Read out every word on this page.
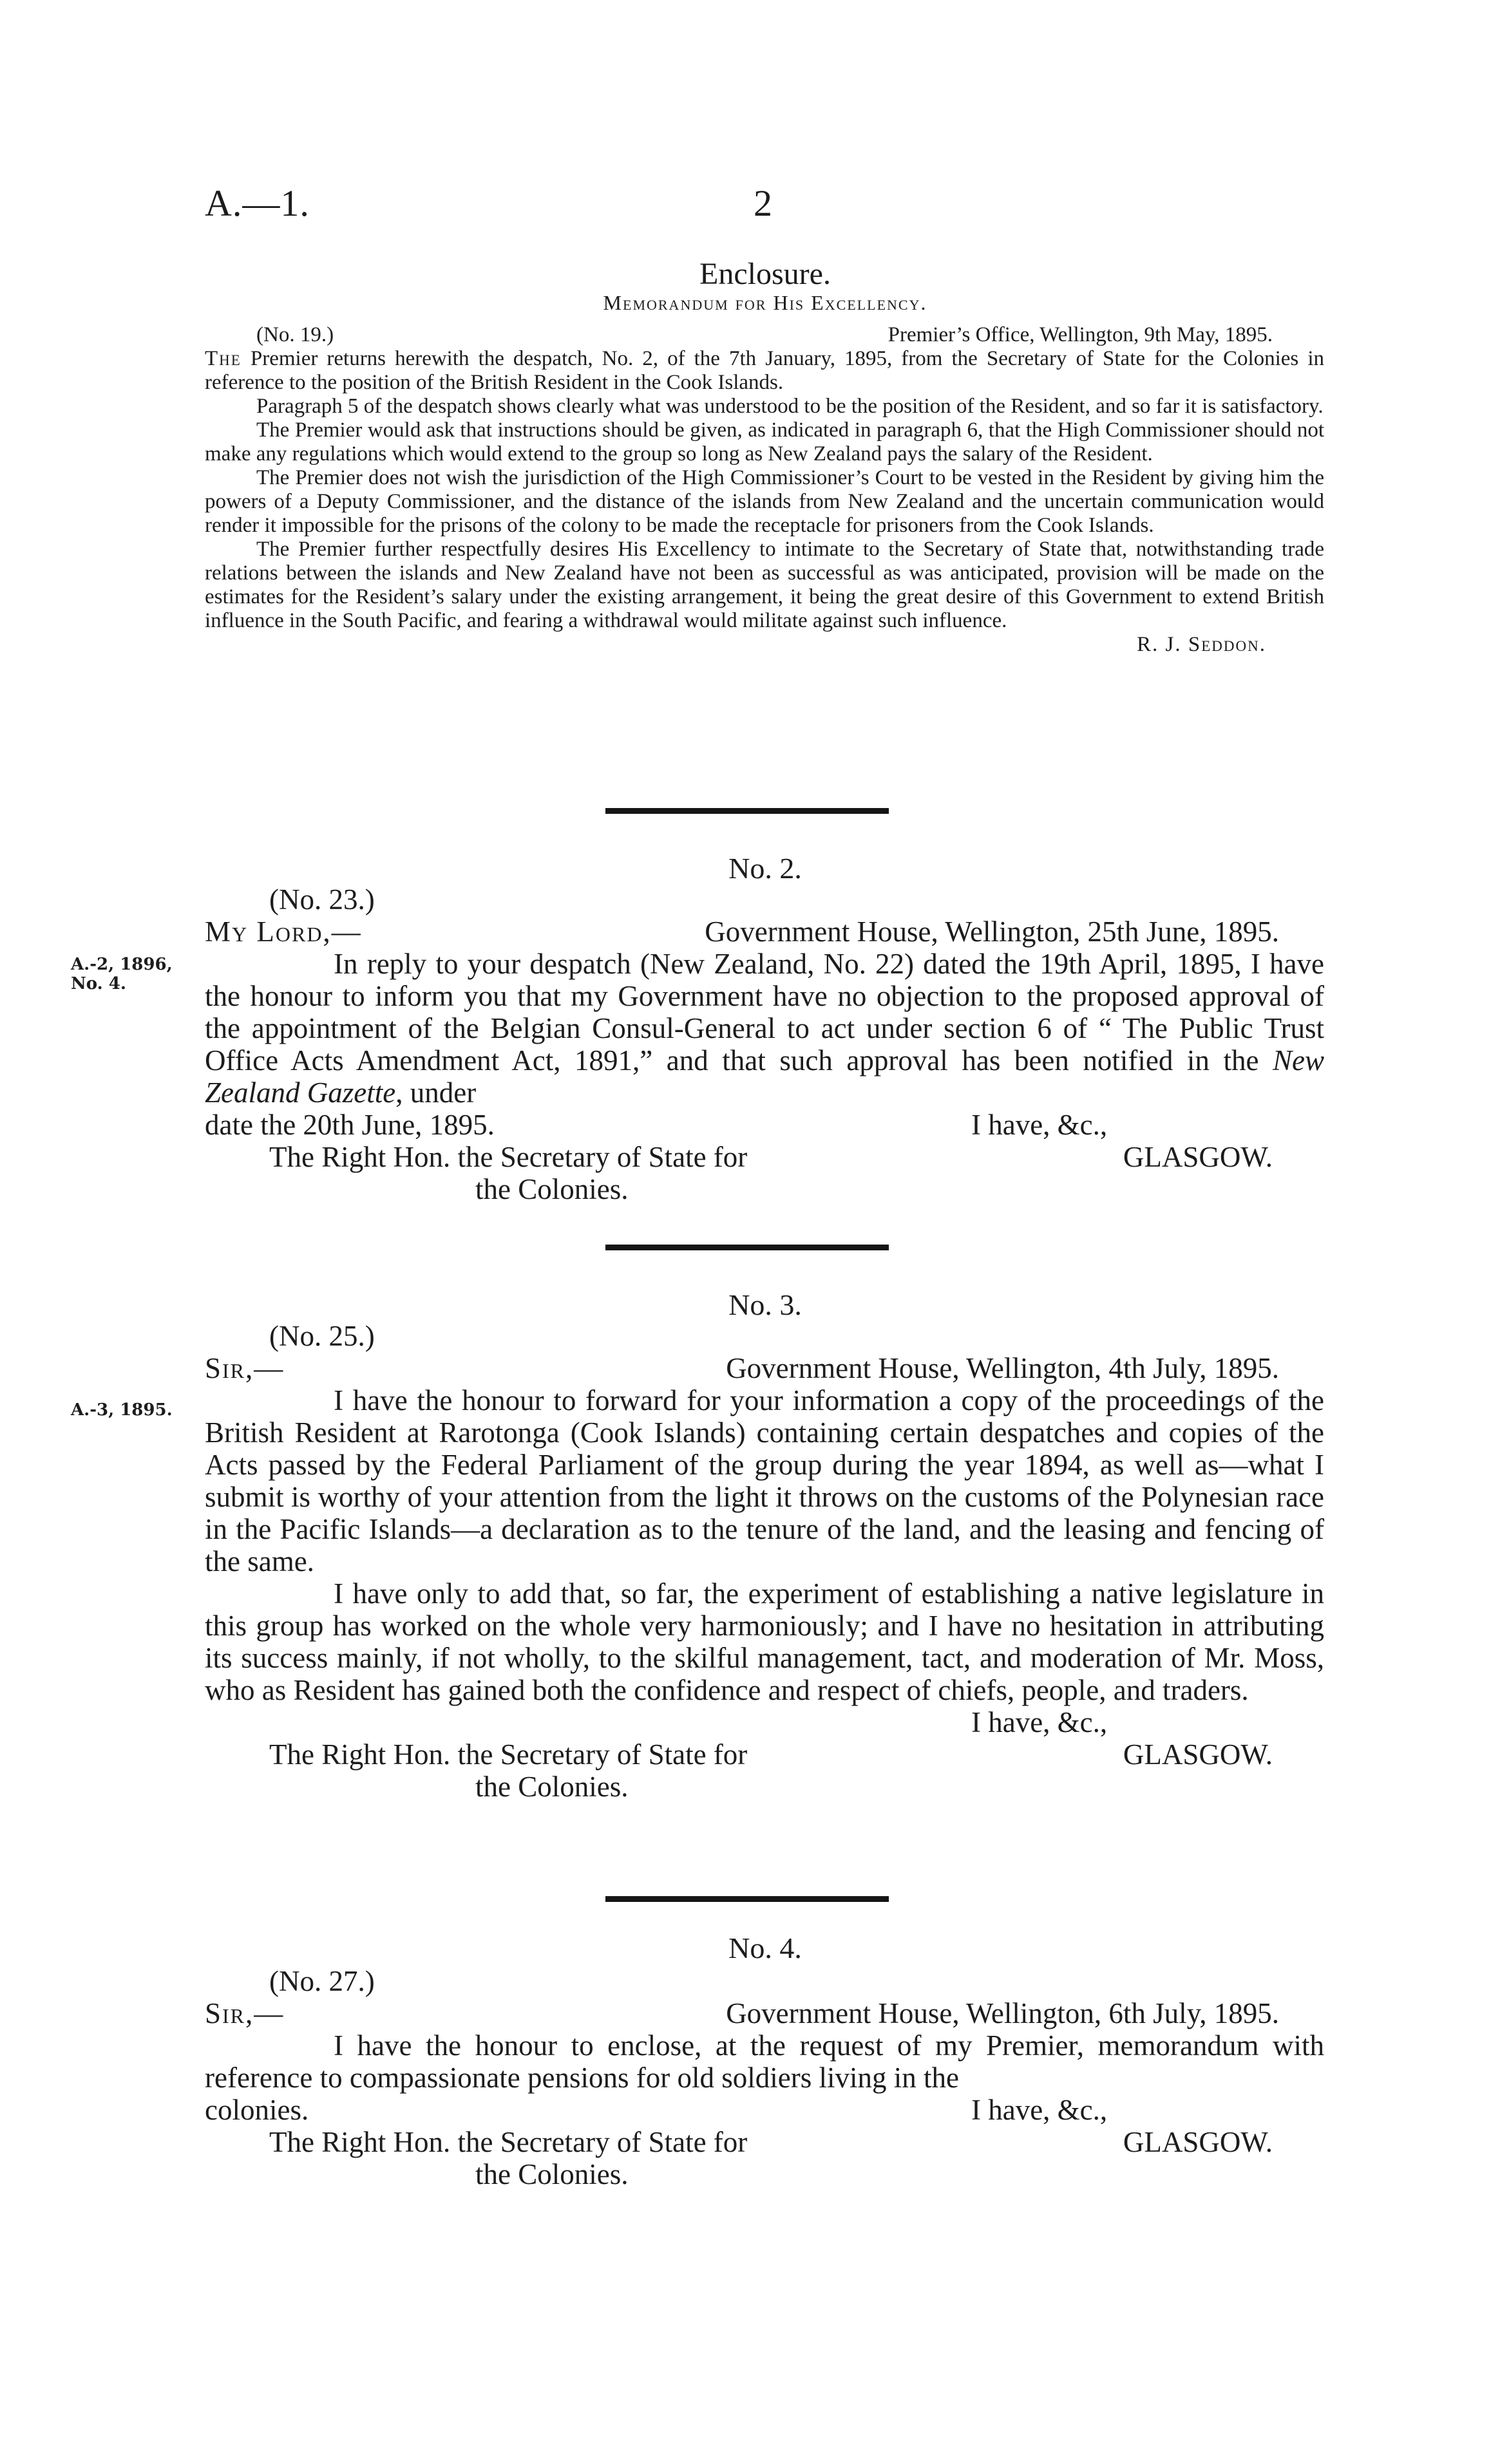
A.—1.	2
Enclosure.
Memorandum for His Excellency.
(No. 19.)	Premier’s Office, Wellington, 9th May, 1895.

The Premier returns herewith the despatch, No. 2, of the 7th January, 1895, from the Secretary of State for the Colonies in reference to the position of the British Resident in the Cook Islands.

Paragraph 5 of the despatch shows clearly what was understood to be the position of the Resident, and so far it is satisfactory.

The Premier would ask that instructions should be given, as indicated in paragraph 6, that the High Commissioner should not make any regulations which would extend to the group so long as New Zealand pays the salary of the Resident.

The Premier does not wish the jurisdiction of the High Commissioner’s Court to be vested in the Resident by giving him the powers of a Deputy Commissioner, and the distance of the islands from New Zealand and the uncertain communication would render it impossible for the prisons of the colony to be made the receptacle for prisoners from the Cook Islands.

The Premier further respectfully desires His Excellency to intimate to the Secretary of State that, notwithstanding trade relations between the islands and New Zealand have not been as successful as was anticipated, provision will be made on the estimates for the Resident’s salary under the existing arrangement, it being the great desire of this Government to extend British influence in the South Pacific, and fearing a withdrawal would militate against such influence.

R. J. Seddon.
No. 2.
A.-2, 1896,
No. 4.
(No. 23.)
My Lord,—	Government House, Wellington, 25th June, 1895.

In reply to your despatch (New Zealand, No. 22) dated the 19th April, 1895, I have the honour to inform you that my Government have no objection to the proposed approval of the appointment of the Belgian Consul-General to act under section 6 of “ The Public Trust Office Acts Amendment Act, 1891,” and that such approval has been notified in the New Zealand Gazette, under

date the 20th June, 1895.	I have, &c.,
The Right Hon. the Secretary of State for	GLASGOW.
the Colonies.
No. 3.
A.-3, 1895.
(No. 25.)
Sir,—	Government House, Wellington, 4th July, 1895.

I have the honour to forward for your information a copy of the proceedings of the British Resident at Rarotonga (Cook Islands) containing certain despatches and copies of the Acts passed by the Federal Parliament of the group during the year 1894, as well as—what I submit is worthy of your attention from the light it throws on the customs of the Polynesian race in the Pacific Islands—a declaration as to the tenure of the land, and the leasing and fencing of the same.

I have only to add that, so far, the experiment of establishing a native legislature in this group has worked on the whole very harmoniously; and I have no hesitation in attributing its success mainly, if not wholly, to the skilful management, tact, and moderation of Mr. Moss, who as Resident has gained both the confidence and respect of chiefs, people, and traders.

I have, &c.,
The Right Hon. the Secretary of State for	GLASGOW.
the Colonies.
No. 4.
(No. 27.)
Sir,—	Government House, Wellington, 6th July, 1895.

I have the honour to enclose, at the request of my Premier, memorandum with reference to compassionate pensions for old soldiers living in the

colonies.	I have, &c.,
The Right Hon. the Secretary of State for	GLASGOW.
the Colonies.
